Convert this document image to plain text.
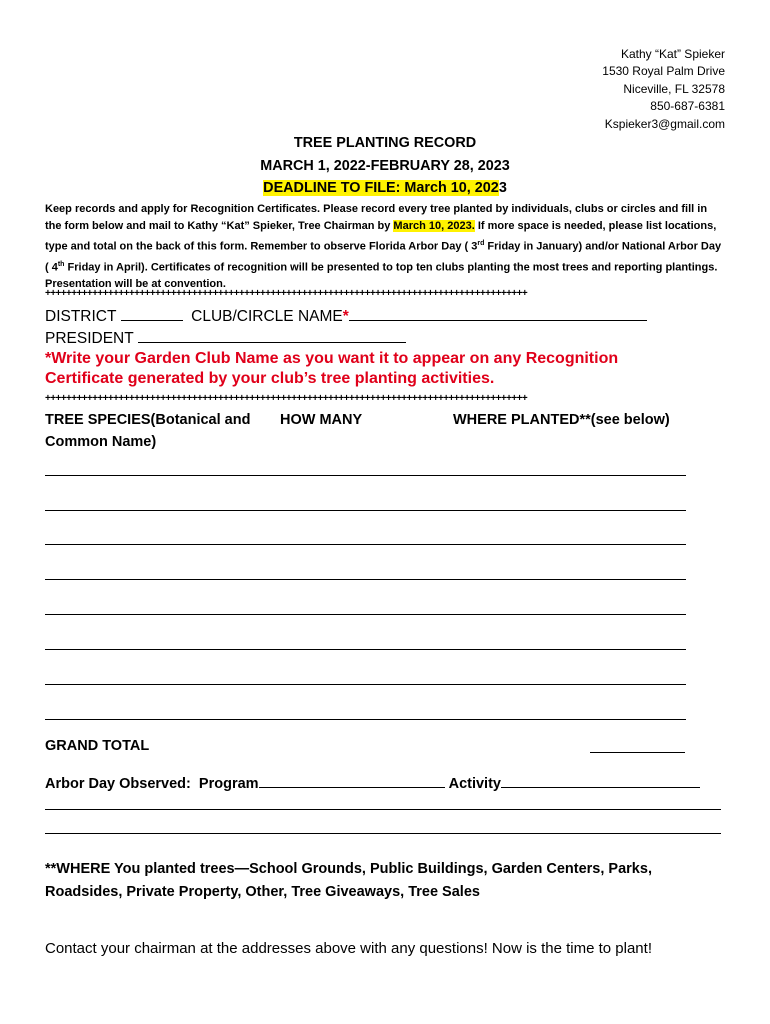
Kathy “Kat” Spieker
1530 Royal Palm Drive
Niceville, FL 32578
850-687-6381
Kspieker3@gmail.com
TREE PLANTING RECORD
MARCH 1, 2022-FEBRUARY 28, 2023
DEADLINE TO FILE: March 10, 2023
Keep records and apply for Recognition Certificates. Please record every tree planted by individuals, clubs or circles and fill in the form below and mail to Kathy “Kat” Spieker, Tree Chairman by March 10, 2023. If more space is needed, please list locations, type and total on the back of this form. Remember to observe Florida Arbor Day ( 3rd Friday in January) and/or National Arbor Day ( 4th Friday in April). Certificates of recognition will be presented to top ten clubs planting the most trees and reporting plantings. Presentation will be at convention.
++++++++++++++++++++++++++++++++++++++++++++++++++++++++++++++++++++++++++++++++++++++++++++
DISTRICT	CLUB/CIRCLE NAME*
PRESIDENT
*Write your Garden Club Name as you want it to appear on any Recognition
Certificate generated by your club’s tree planting activities.
++++++++++++++++++++++++++++++++++++++++++++++++++++++++++++++++++++++++++++++++++++++++++++
TREE SPECIES(Botanical and
Common Name)
HOW MANY	WHERE PLANTED**(see below)
GRAND TOTAL
Arbor Day Observed: Program	Activity
**WHERE You planted trees—School Grounds, Public Buildings, Garden Centers, Parks,
Roadsides, Private Property, Other, Tree Giveaways, Tree Sales
Contact your chairman at the addresses above with any questions! Now is the time to plant!
